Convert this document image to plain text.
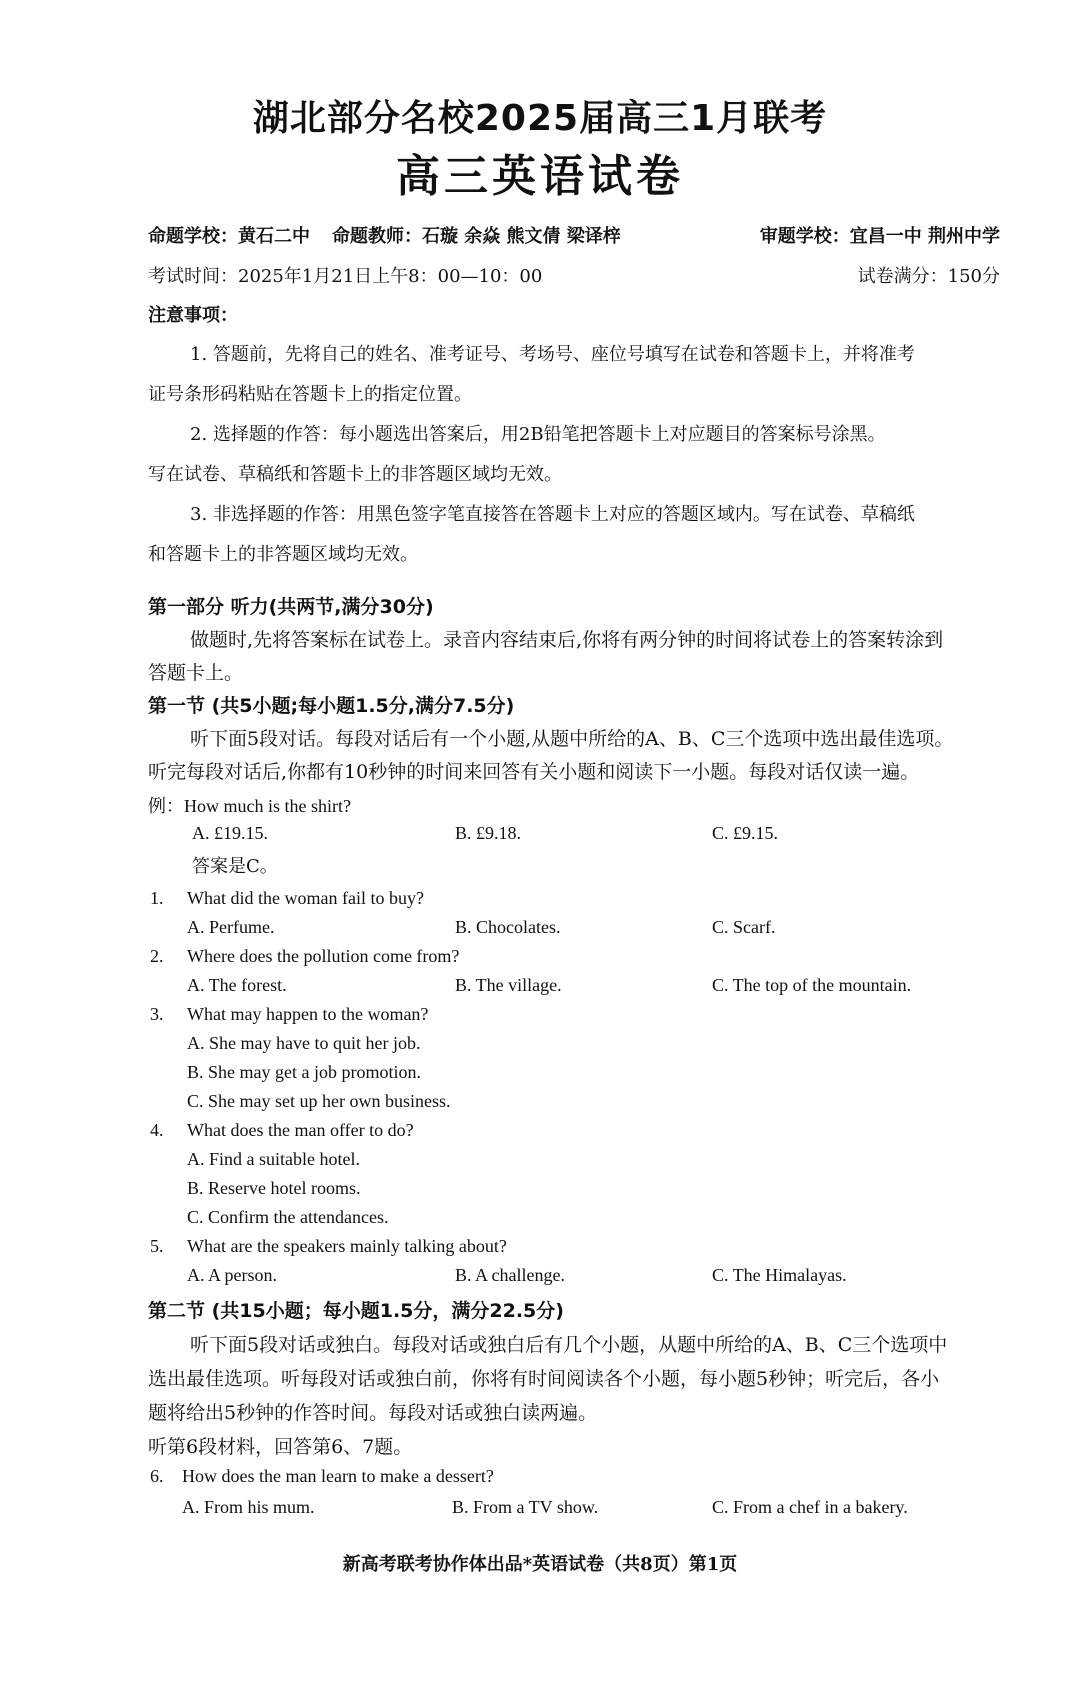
湖北部分名校2025届高三1月联考
高三英语试卷
命题学校：黄石二中 命题教师：石璇 余焱 熊文倩 梁译梓	审题学校：宜昌一中 荆州中学
考试时间：2025年1月21日上午8：00—10：00	试卷满分：150分
注意事项：
1. 答题前，先将自己的姓名、准考证号、考场号、座位号填写在试卷和答题卡上，并将准考
证号条形码粘贴在答题卡上的指定位置。
2. 选择题的作答：每小题选出答案后，用2B铅笔把答题卡上对应题目的答案标号涂黑。
写在试卷、草稿纸和答题卡上的非答题区域均无效。
3. 非选择题的作答：用黑色签字笔直接答在答题卡上对应的答题区域内。写在试卷、草稿纸
和答题卡上的非答题区域均无效。
第一部分 听力(共两节,满分30分)
做题时,先将答案标在试卷上。录音内容结束后,你将有两分钟的时间将试卷上的答案转涂到
答题卡上。
第一节 (共5小题;每小题1.5分,满分7.5分)
听下面5段对话。每段对话后有一个小题,从题中所给的A、B、C三个选项中选出最佳选项。
听完每段对话后,你都有10秒钟的时间来回答有关小题和阅读下一小题。每段对话仅读一遍。
例：How much is the shirt?
A. £19.15.	B. £9.18.	C. £9.15.
答案是C。
1. What did the woman fail to buy?
A. Perfume.	B. Chocolates.	C. Scarf.
2. Where does the pollution come from?
A. The forest.	B. The village.	C. The top of the mountain.
3. What may happen to the woman?
A. She may have to quit her job.
B. She may get a job promotion.
C. She may set up her own business.
4. What does the man offer to do?
A. Find a suitable hotel.
B. Reserve hotel rooms.
C. Confirm the attendances.
5. What are the speakers mainly talking about?
A. A person.	B. A challenge.	C. The Himalayas.
第二节 (共15小题；每小题1.5分，满分22.5分)
听下面5段对话或独白。每段对话或独白后有几个小题，从题中所给的A、B、C三个选项中
选出最佳选项。听每段对话或独白前，你将有时间阅读各个小题，每小题5秒钟；听完后，各小
题将给出5秒钟的作答时间。每段对话或独白读两遍。
听第6段材料，回答第6、7题。
6. How does the man learn to make a dessert?
A. From his mum.	B. From a TV show.	C. From a chef in a bakery.
新高考联考协作体出品*英语试卷（共8页）第1页
